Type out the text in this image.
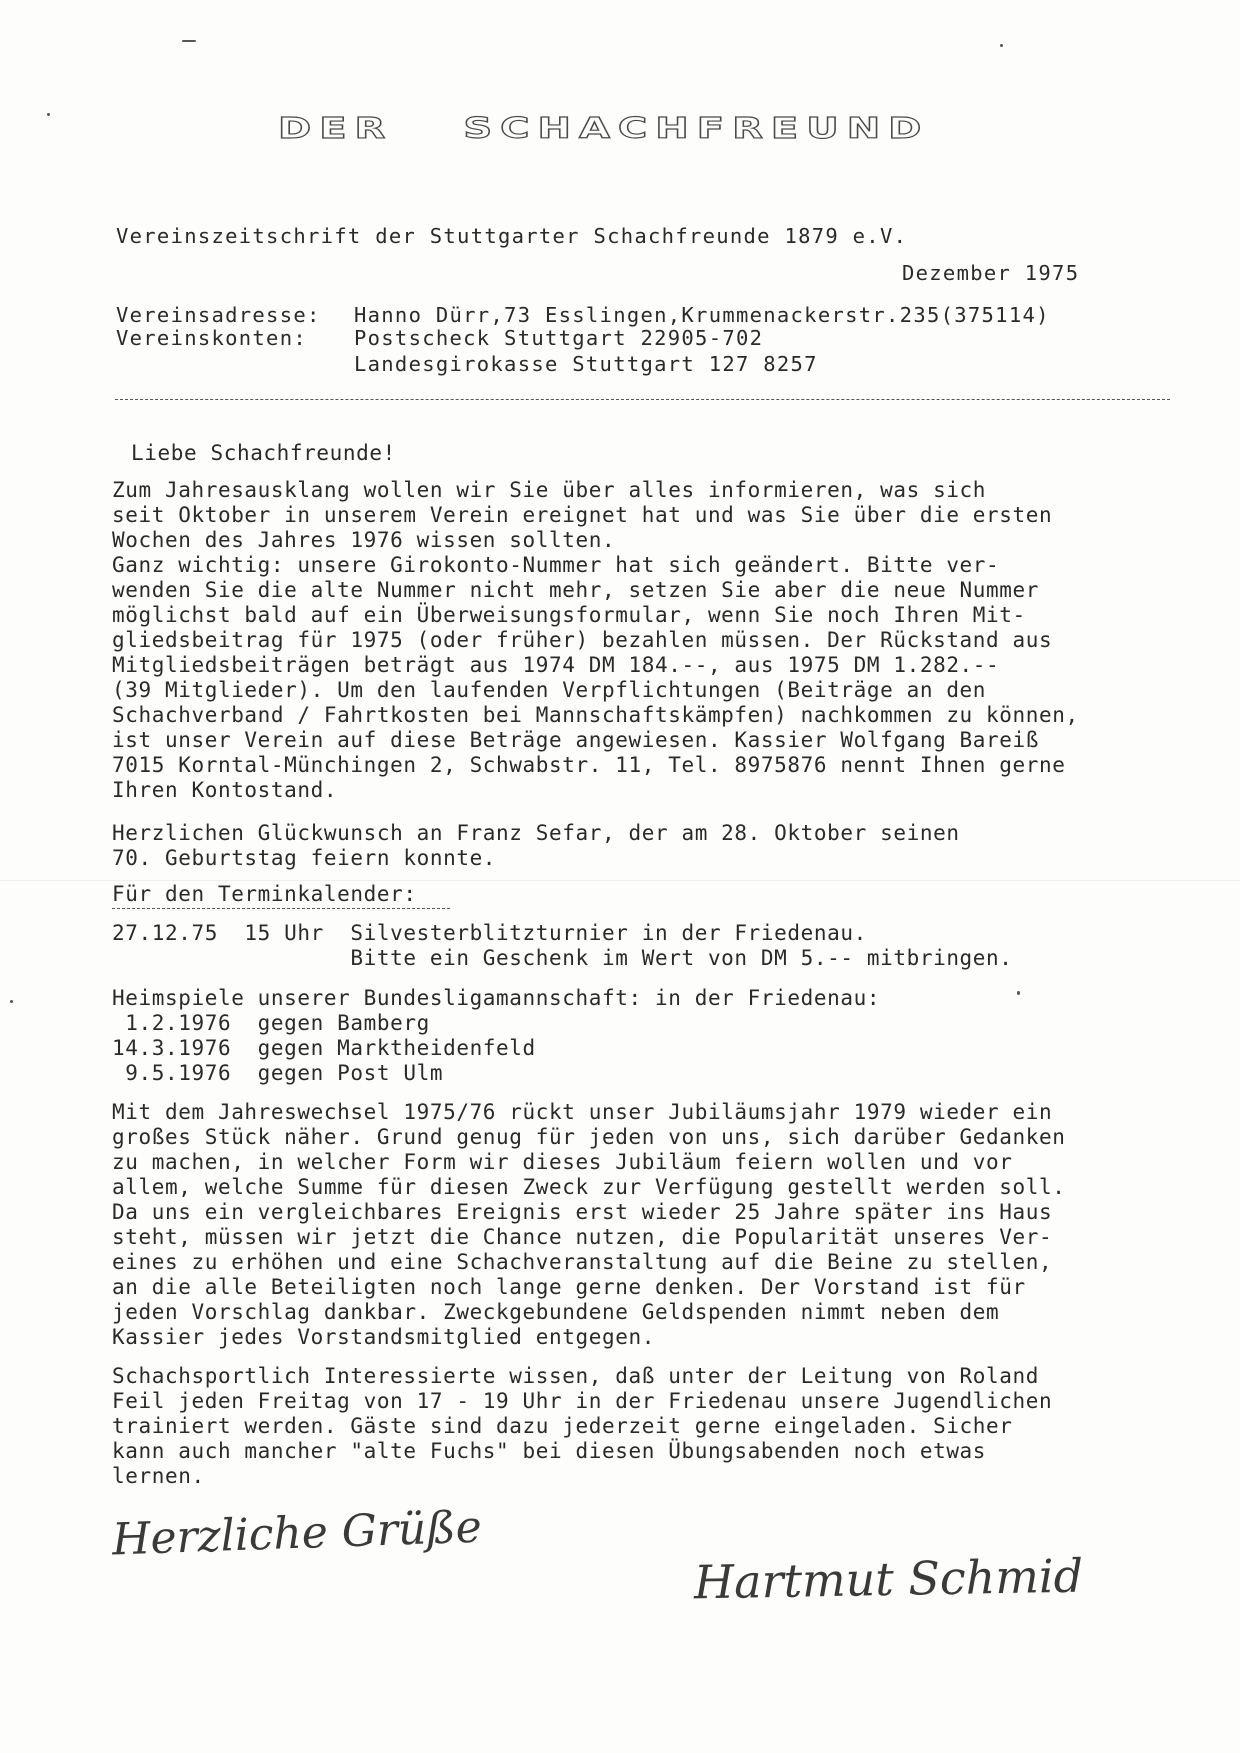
DER SCHACHFREUND
Vereinszeitschrift der Stuttgarter Schachfreunde 1879 e.V.
Dezember 1975
Vereinsadresse: Hanno Dürr,73 Esslingen,Krummenackerstr.235(375114)
Vereinskonten: Postscheck Stuttgart 22905-702
Landesgirokasse Stuttgart 127 8257
Liebe Schachfreunde!
Zum Jahresausklang wollen wir Sie über alles informieren, was sich
seit Oktober in unserem Verein ereignet hat und was Sie über die ersten
Wochen des Jahres 1976 wissen sollten.
Ganz wichtig: unsere Girokonto-Nummer hat sich geändert. Bitte ver-
wenden Sie die alte Nummer nicht mehr, setzen Sie aber die neue Nummer
möglichst bald auf ein Überweisungsformular, wenn Sie noch Ihren Mit-
gliedsbeitrag für 1975 (oder früher) bezahlen müssen. Der Rückstand aus
Mitgliedsbeiträgen beträgt aus 1974 DM 184.--, aus 1975 DM 1.282.--
(39 Mitglieder). Um den laufenden Verpflichtungen (Beiträge an den
Schachverband / Fahrtkosten bei Mannschaftskämpfen) nachkommen zu können,
ist unser Verein auf diese Beträge angewiesen. Kassier Wolfgang Bareiß
7015 Korntal-Münchingen 2, Schwabstr. 11, Tel. 8975876 nennt Ihnen gerne
Ihren Kontostand.
Herzlichen Glückwunsch an Franz Sefar, der am 28. Oktober seinen
70. Geburtstag feiern konnte.
Für den Terminkalender:
27.12.75  15 Uhr  Silvesterblitzturnier in der Friedenau.
Bitte ein Geschenk im Wert von DM 5.-- mitbringen.
Heimspiele unserer Bundesligamannschaft: in der Friedenau:
1.2.1976  gegen Bamberg
14.3.1976  gegen Marktheidenfeld
9.5.1976  gegen Post Ulm
Mit dem Jahreswechsel 1975/76 rückt unser Jubiläumsjahr 1979 wieder ein
großes Stück näher. Grund genug für jeden von uns, sich darüber Gedanken
zu machen, in welcher Form wir dieses Jubiläum feiern wollen und vor
allem, welche Summe für diesen Zweck zur Verfügung gestellt werden soll.
Da uns ein vergleichbares Ereignis erst wieder 25 Jahre später ins Haus
steht, müssen wir jetzt die Chance nutzen, die Popularität unseres Ver-
eines zu erhöhen und eine Schachveranstaltung auf die Beine zu stellen,
an die alle Beteiligten noch lange gerne denken. Der Vorstand ist für
jeden Vorschlag dankbar. Zweckgebundene Geldspenden nimmt neben dem
Kassier jedes Vorstandsmitglied entgegen.
Schachsportlich Interessierte wissen, daß unter der Leitung von Roland
Feil jeden Freitag von 17 - 19 Uhr in der Friedenau unsere Jugendlichen
trainiert werden. Gäste sind dazu jederzeit gerne eingeladen. Sicher
kann auch mancher "alte Fuchs" bei diesen Übungsabenden noch etwas
lernen.
Herzliche Grüße
Hartmut Schmid
